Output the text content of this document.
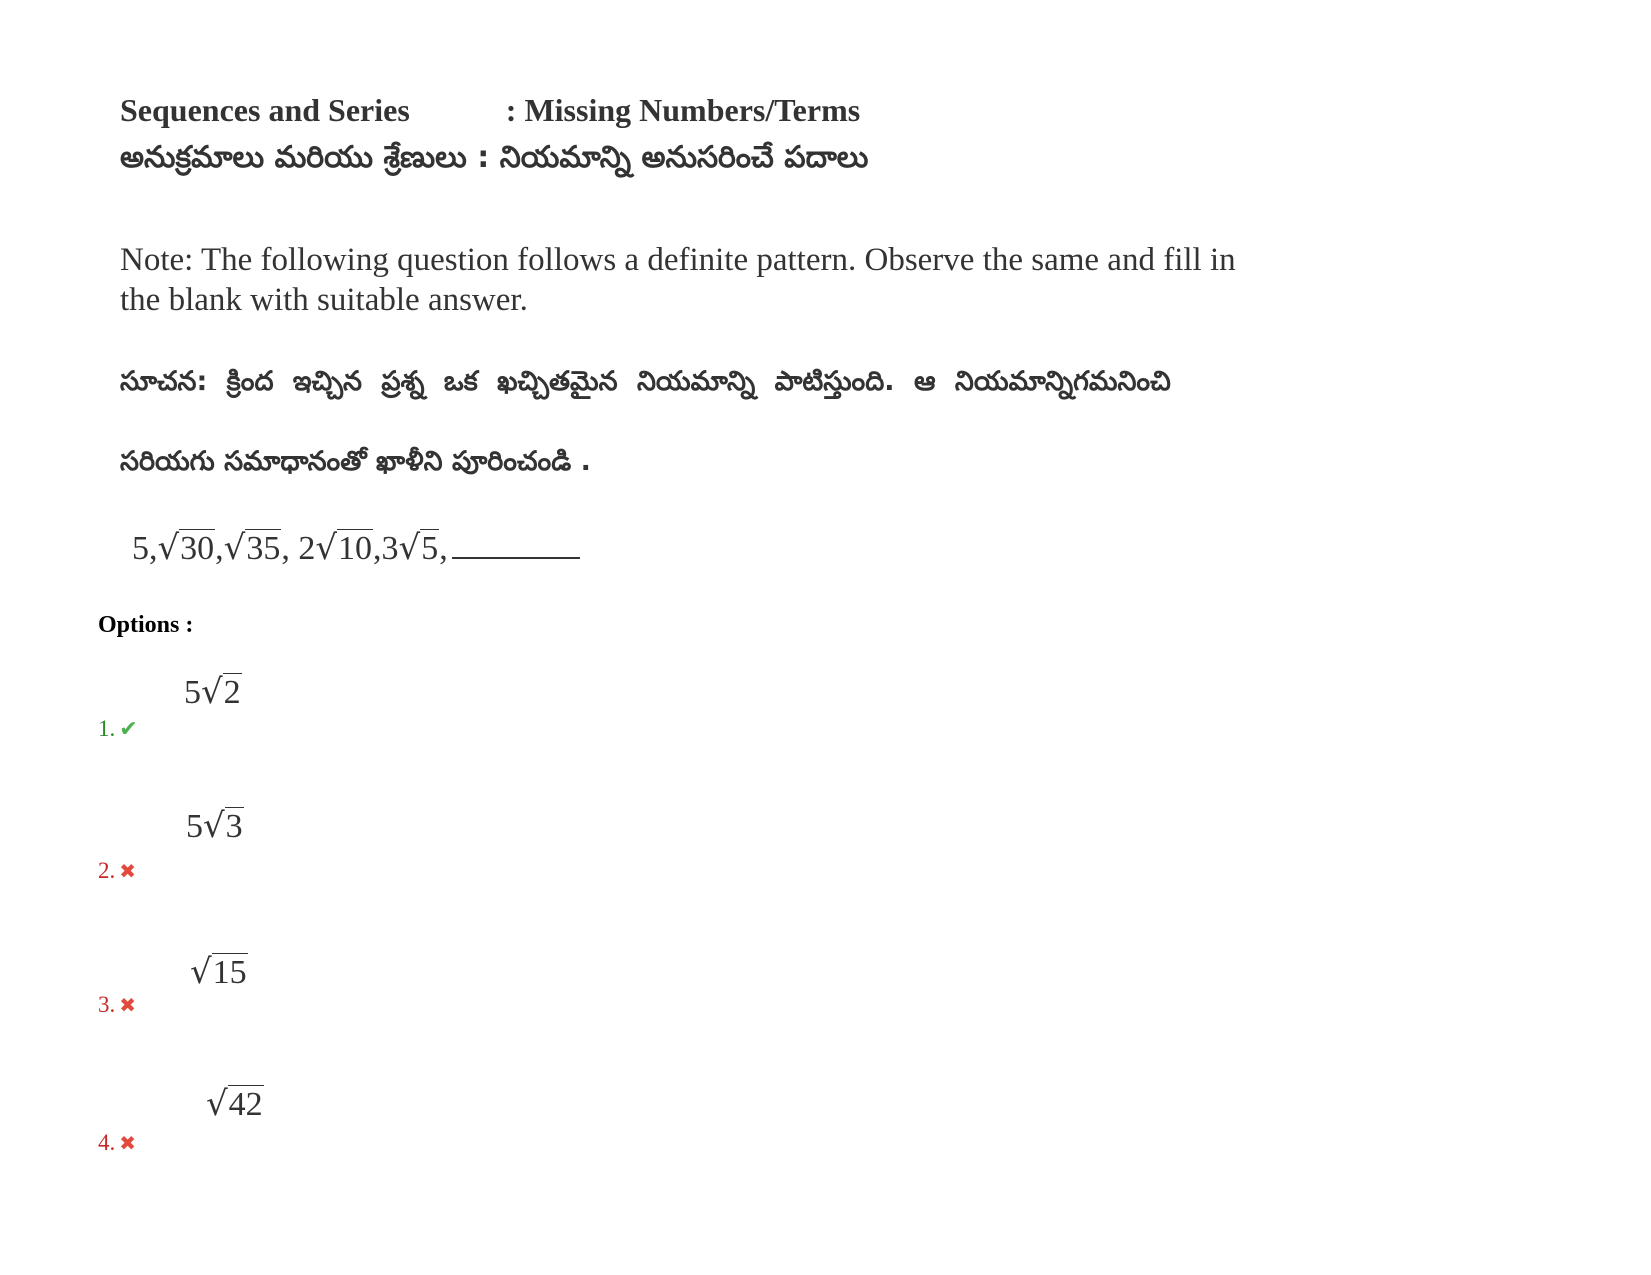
Sequences and Series	: Missing Numbers/Terms
అనుక్రమాలు మరియు శ్రేణులు : నియమాన్ని అనుసరించే పదాలు
Note: The following question follows a definite pattern. Observe the same and fill in
the blank with suitable answer.
సూచన: క్రింద ఇచ్చిన ప్రశ్న ఒక ఖచ్చితమైన నియమాన్ని పాటిస్తుంది. ఆ నియమాన్నిగమనించి
సరియగు సమాధానంతో ఖాళీని పూరించండి .
5,√30,√35, 2√10,3√5,
Options :
5√2
1. ✔
5√3
2. ✖
√15
3. ✖
√42
4. ✖
